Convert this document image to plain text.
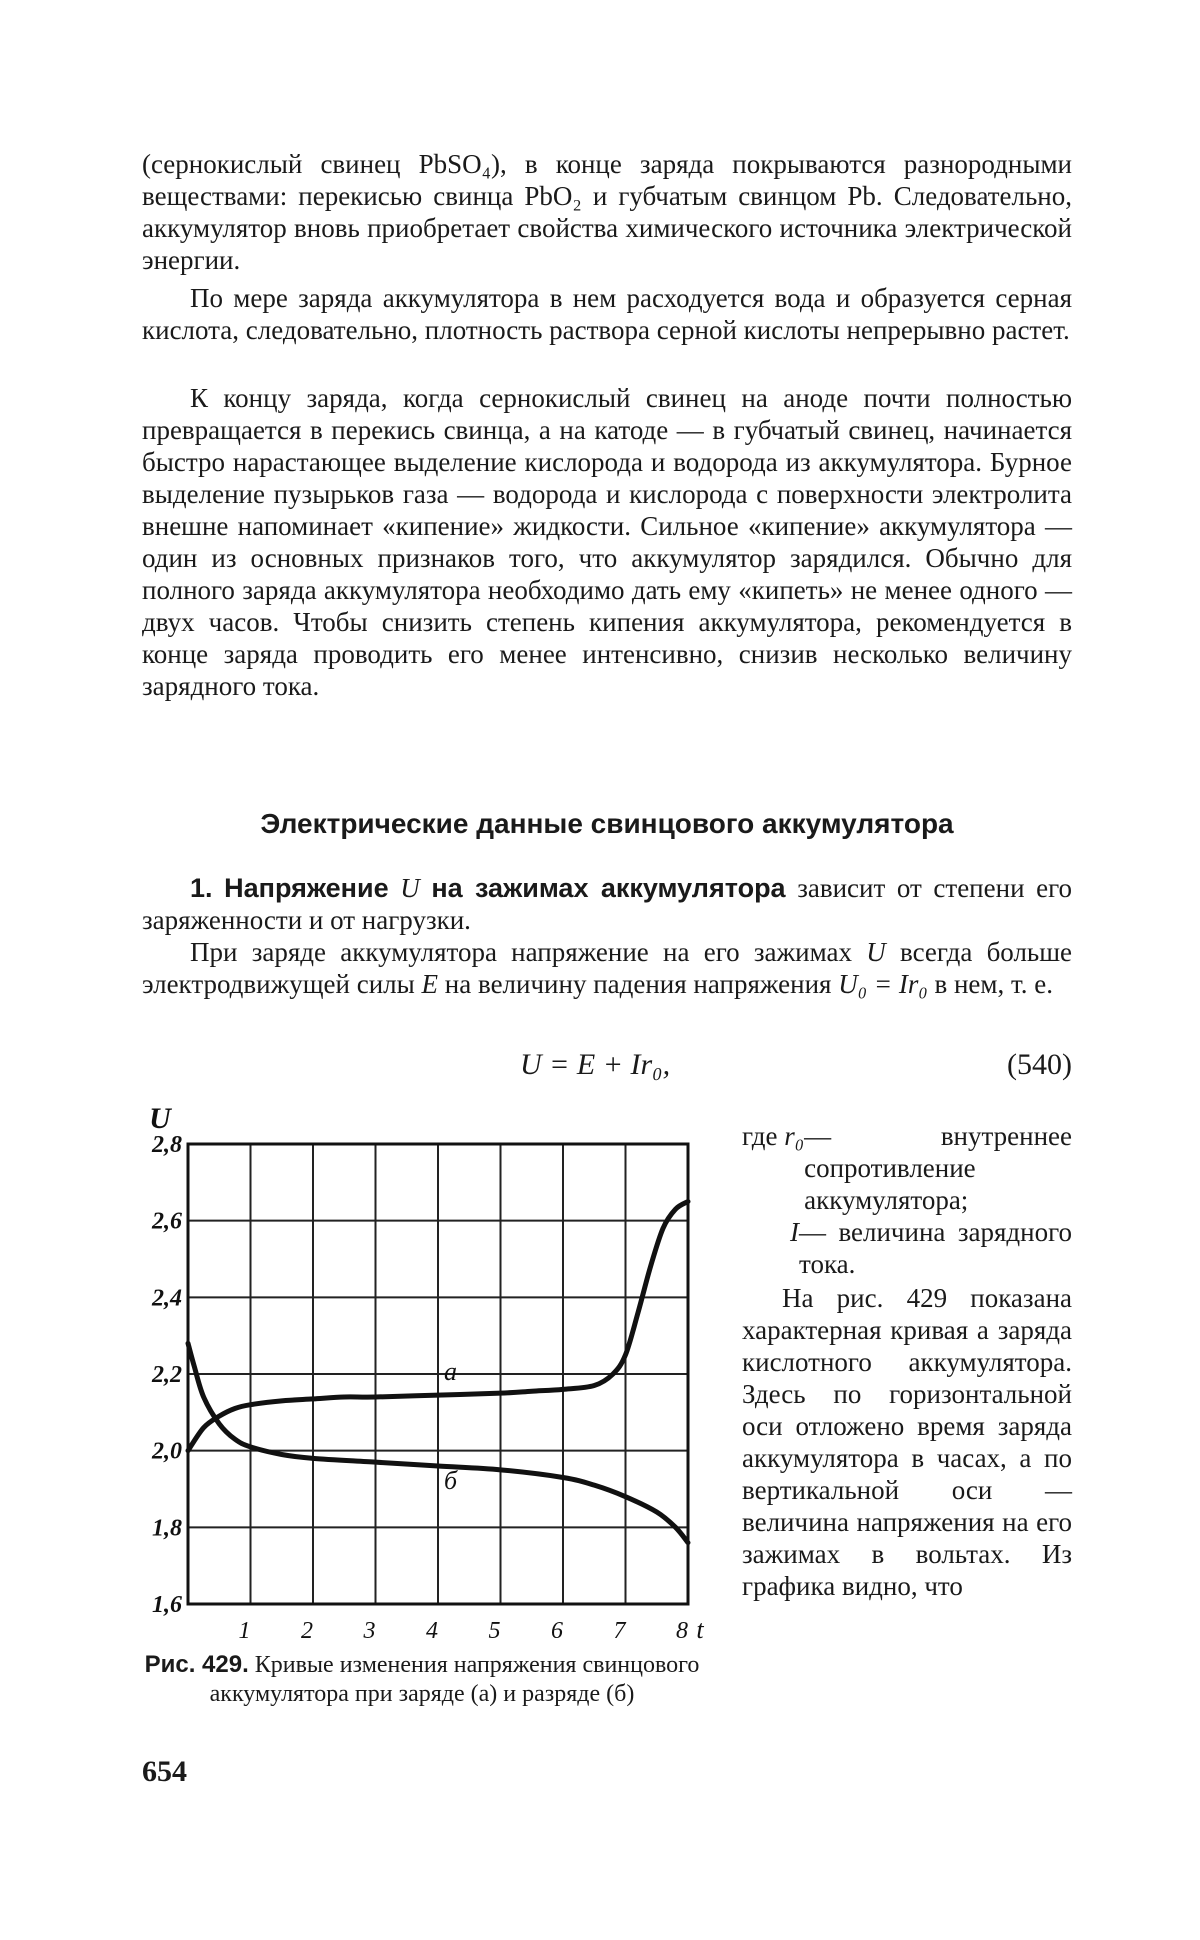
(сернокислый свинец PbSO₄), в конце заряда покрываются разнородными веществами: перекисью свинца PbO₂ и губчатым свинцом Pb. Следовательно, аккумулятор вновь приобретает свойства химического источника электрической энергии.

По мере заряда аккумулятора в нем расходуется вода и образуется серная кислота, следовательно, плотность раствора серной кислоты непрерывно растет.

К концу заряда, когда сернокислый свинец на аноде почти полностью превращается в перекись свинца, а на катоде — в губчатый свинец, начинается быстро нарастающее выделение кислорода и водорода из аккумулятора. Бурное выделение пузырьков газа — водорода и кислорода с поверхности электролита внешне напоминает «кипение» жидкости. Сильное «кипение» аккумулятора — один из основных признаков того, что аккумулятор зарядился. Обычно для полного заряда аккумулятора необходимо дать ему «кипеть» не менее одного — двух часов. Чтобы снизить степень кипения аккумулятора, рекомендуется в конце заряда проводить его менее интенсивно, снизив несколько величину зарядного тока.

Электрические данные свинцового аккумулятора

1. Напряжение U на зажимах аккумулятора зависит от степени его заряженности и от нагрузки.

При заряде аккумулятора напряжение на его зажимах U всегда больше электродвижущей силы E на величину падения напряжения U₀ = Ir₀ в нем, т. е.

U = E + Ir₀,	(540)
1 2 3 4 5 6 7 8
1,6
1,8
2,0
2,2
2,4
2,6
2,8
U
t
a
б
где r₀ — внутреннее сопротивление аккумулятора;
I — величина зарядного тока.

На рис. 429 показана характерная кривая a заряда кислотного аккумулятора. Здесь по горизонтальной оси отложено время заряда аккумулятора в часах, а по вертикальной оси — величина напряжения на его зажимах в вольтах. Из графика видно, что

Рис. 429. Кривые изменения напряжения свинцового аккумулятора при заряде (a) и разряде (б)
654
